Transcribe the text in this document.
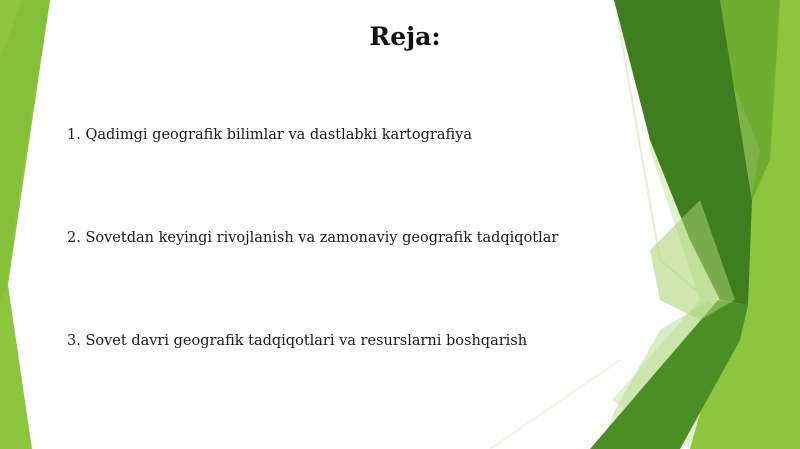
Reja:
1. Qadimgi geografik bilimlar va dastlabki kartografiya
2. Sovetdan keyingi rivojlanish va zamonaviy geografik tadqiqotlar
3. Sovet davri geografik tadqiqotlari va resurslarni boshqarish
